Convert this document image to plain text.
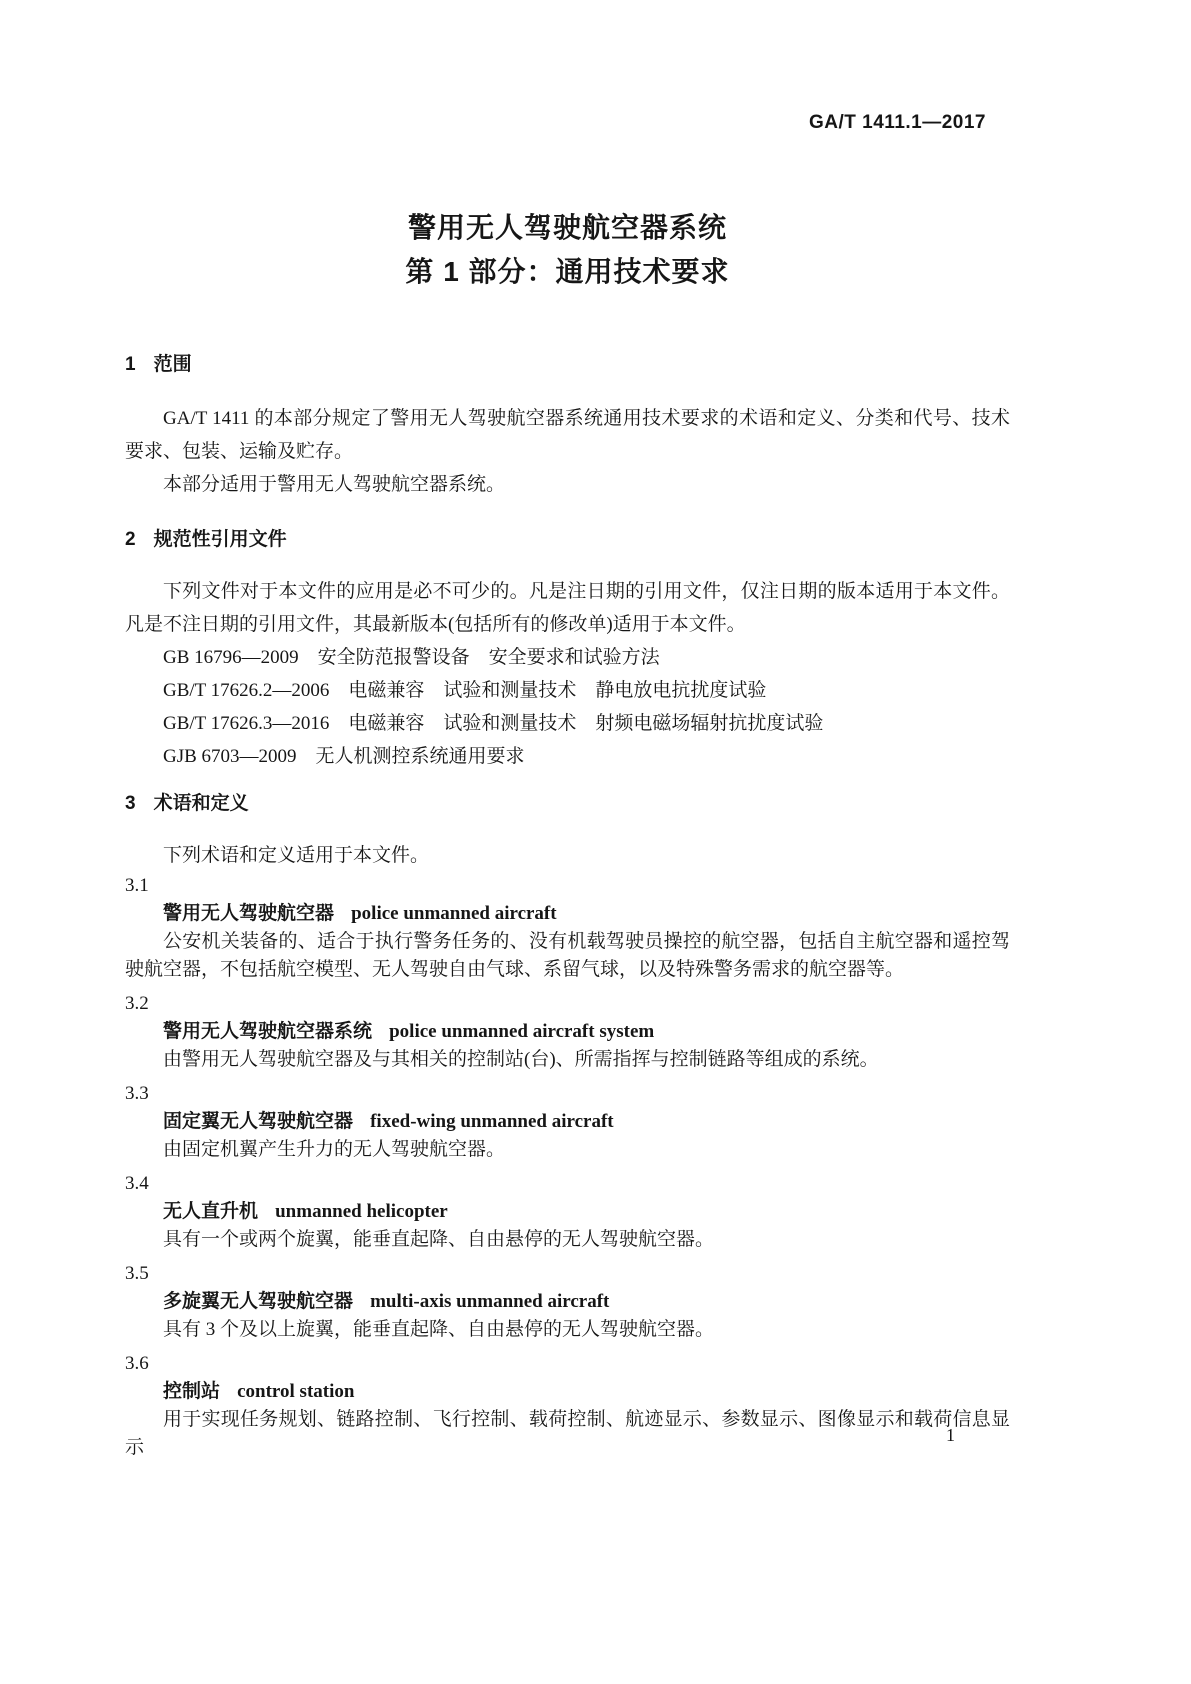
GA/T 1411.1—2017
警用无人驾驶航空器系统
第 1 部分：通用技术要求
1 范围

GA/T 1411 的本部分规定了警用无人驾驶航空器系统通用技术要求的术语和定义、分类和代号、技术要求、包装、运输及贮存。

本部分适用于警用无人驾驶航空器系统。

2 规范性引用文件

下列文件对于本文件的应用是必不可少的。凡是注日期的引用文件，仅注日期的版本适用于本文件。凡是不注日期的引用文件，其最新版本(包括所有的修改单)适用于本文件。

GB 16796—2009　安全防范报警设备　安全要求和试验方法
GB/T 17626.2—2006　电磁兼容　试验和测量技术　静电放电抗扰度试验
GB/T 17626.3—2016　电磁兼容　试验和测量技术　射频电磁场辐射抗扰度试验
GJB 6703—2009　无人机测控系统通用要求
3 术语和定义

下列术语和定义适用于本文件。

3.1
警用无人驾驶航空器 police unmanned aircraft
公安机关装备的、适合于执行警务任务的、没有机载驾驶员操控的航空器，包括自主航空器和遥控驾驶航空器，不包括航空模型、无人驾驶自由气球、系留气球，以及特殊警务需求的航空器等。
3.2
警用无人驾驶航空器系统 police unmanned aircraft system
由警用无人驾驶航空器及与其相关的控制站(台)、所需指挥与控制链路等组成的系统。
3.3
固定翼无人驾驶航空器 fixed-wing unmanned aircraft
由固定机翼产生升力的无人驾驶航空器。
3.4
无人直升机 unmanned helicopter
具有一个或两个旋翼，能垂直起降、自由悬停的无人驾驶航空器。
3.5
多旋翼无人驾驶航空器 multi-axis unmanned aircraft
具有 3 个及以上旋翼，能垂直起降、自由悬停的无人驾驶航空器。
3.6
控制站 control station
用于实现任务规划、链路控制、飞行控制、载荷控制、航迹显示、参数显示、图像显示和载荷信息显示
1
